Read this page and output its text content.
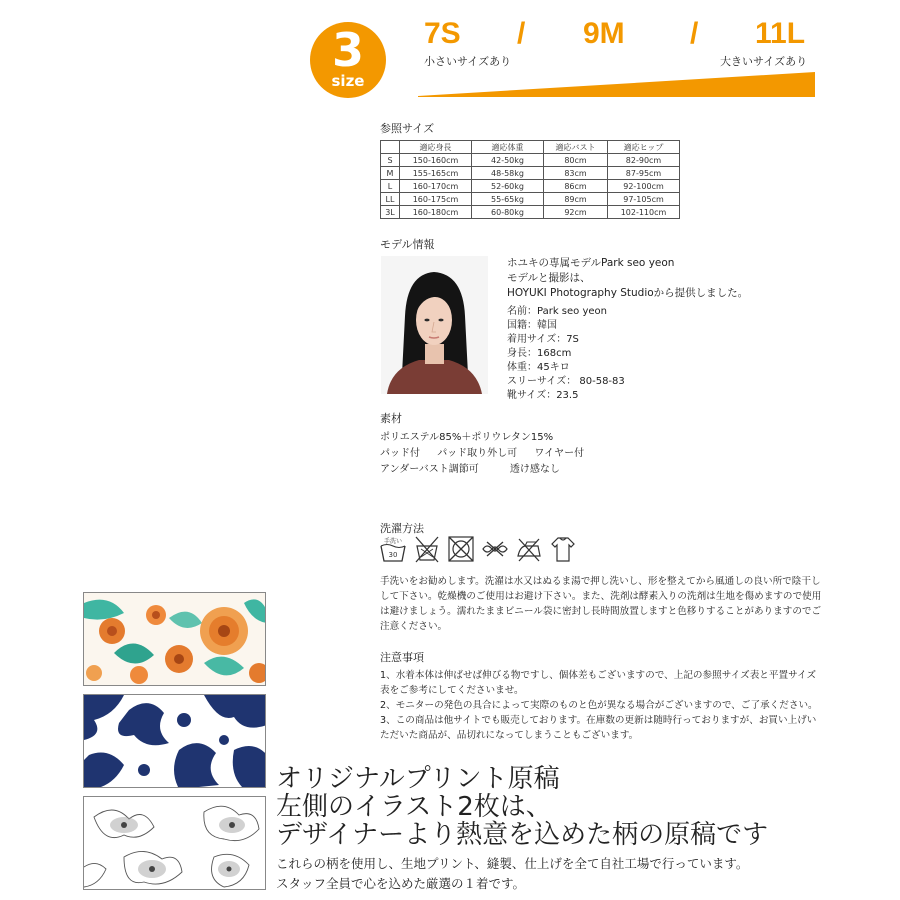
3
size
7S / 9M / 11L
小さいサイズあり	大きいサイズあり
参照サイズ
	適応身長	適応体重	適応バスト	適応ヒップ
S	150-160cm	42-50kg	80cm	82-90cm
M	155-165cm	48-58kg	83cm	87-95cm
L	160-170cm	52-60kg	86cm	92-100cm
LL	160-175cm	55-65kg	89cm	97-105cm
3L	160-180cm	60-80kg	92cm	102-110cm
モデル情報
ホユキの専属モデルPark seo yeon
モデルと撮影は、
HOYUKI Photography Studioから提供しました。
名前：Park seo yeon
国籍：韓国
着用サイズ：7S
身長：168cm
体重：45キロ
スリーサイズ： 80-58-83
靴サイズ：23.5
素材
ポリエステル85%＋ポリウレタン15%
パッド付 パッド取り外し可 ワイヤー付
アンダーバスト調節可	透け感なし
洗濯方法
手洗い
30
手洗いをお勧めします。洗濯は水又はぬるま湯で押し洗いし、形を整えてから風通しの良い所で陰干しして下さい。乾燥機のご使用はお避け下さい。また、洗剤は酵素入りの洗剤は生地を傷めますので使用は避けましょう。濡れたままビニール袋に密封し長時間放置しますと色移りすることがありますのでご注意ください。
注意事項
1、水着本体は伸ばせば伸びる物ですし、個体差もございますので、上記の参照サイズ表と平置サイズ表をご参考にしてくださいませ。
2、モニターの発色の具合によって実際のものと色が異なる場合がございますので、ご了承ください。
3、この商品は他サイトでも販売しております。在庫数の更新は随時行っておりますが、お買い上げいただいた商品が、品切れになってしまうこともございます。
オリジナルプリント原稿
左側のイラスト2枚は、
デザイナーより熱意を込めた柄の原稿です
これらの柄を使用し、生地プリント、縫製、仕上げを全て自社工場で行っています。
スタッフ全員で心を込めた厳選の１着です。
